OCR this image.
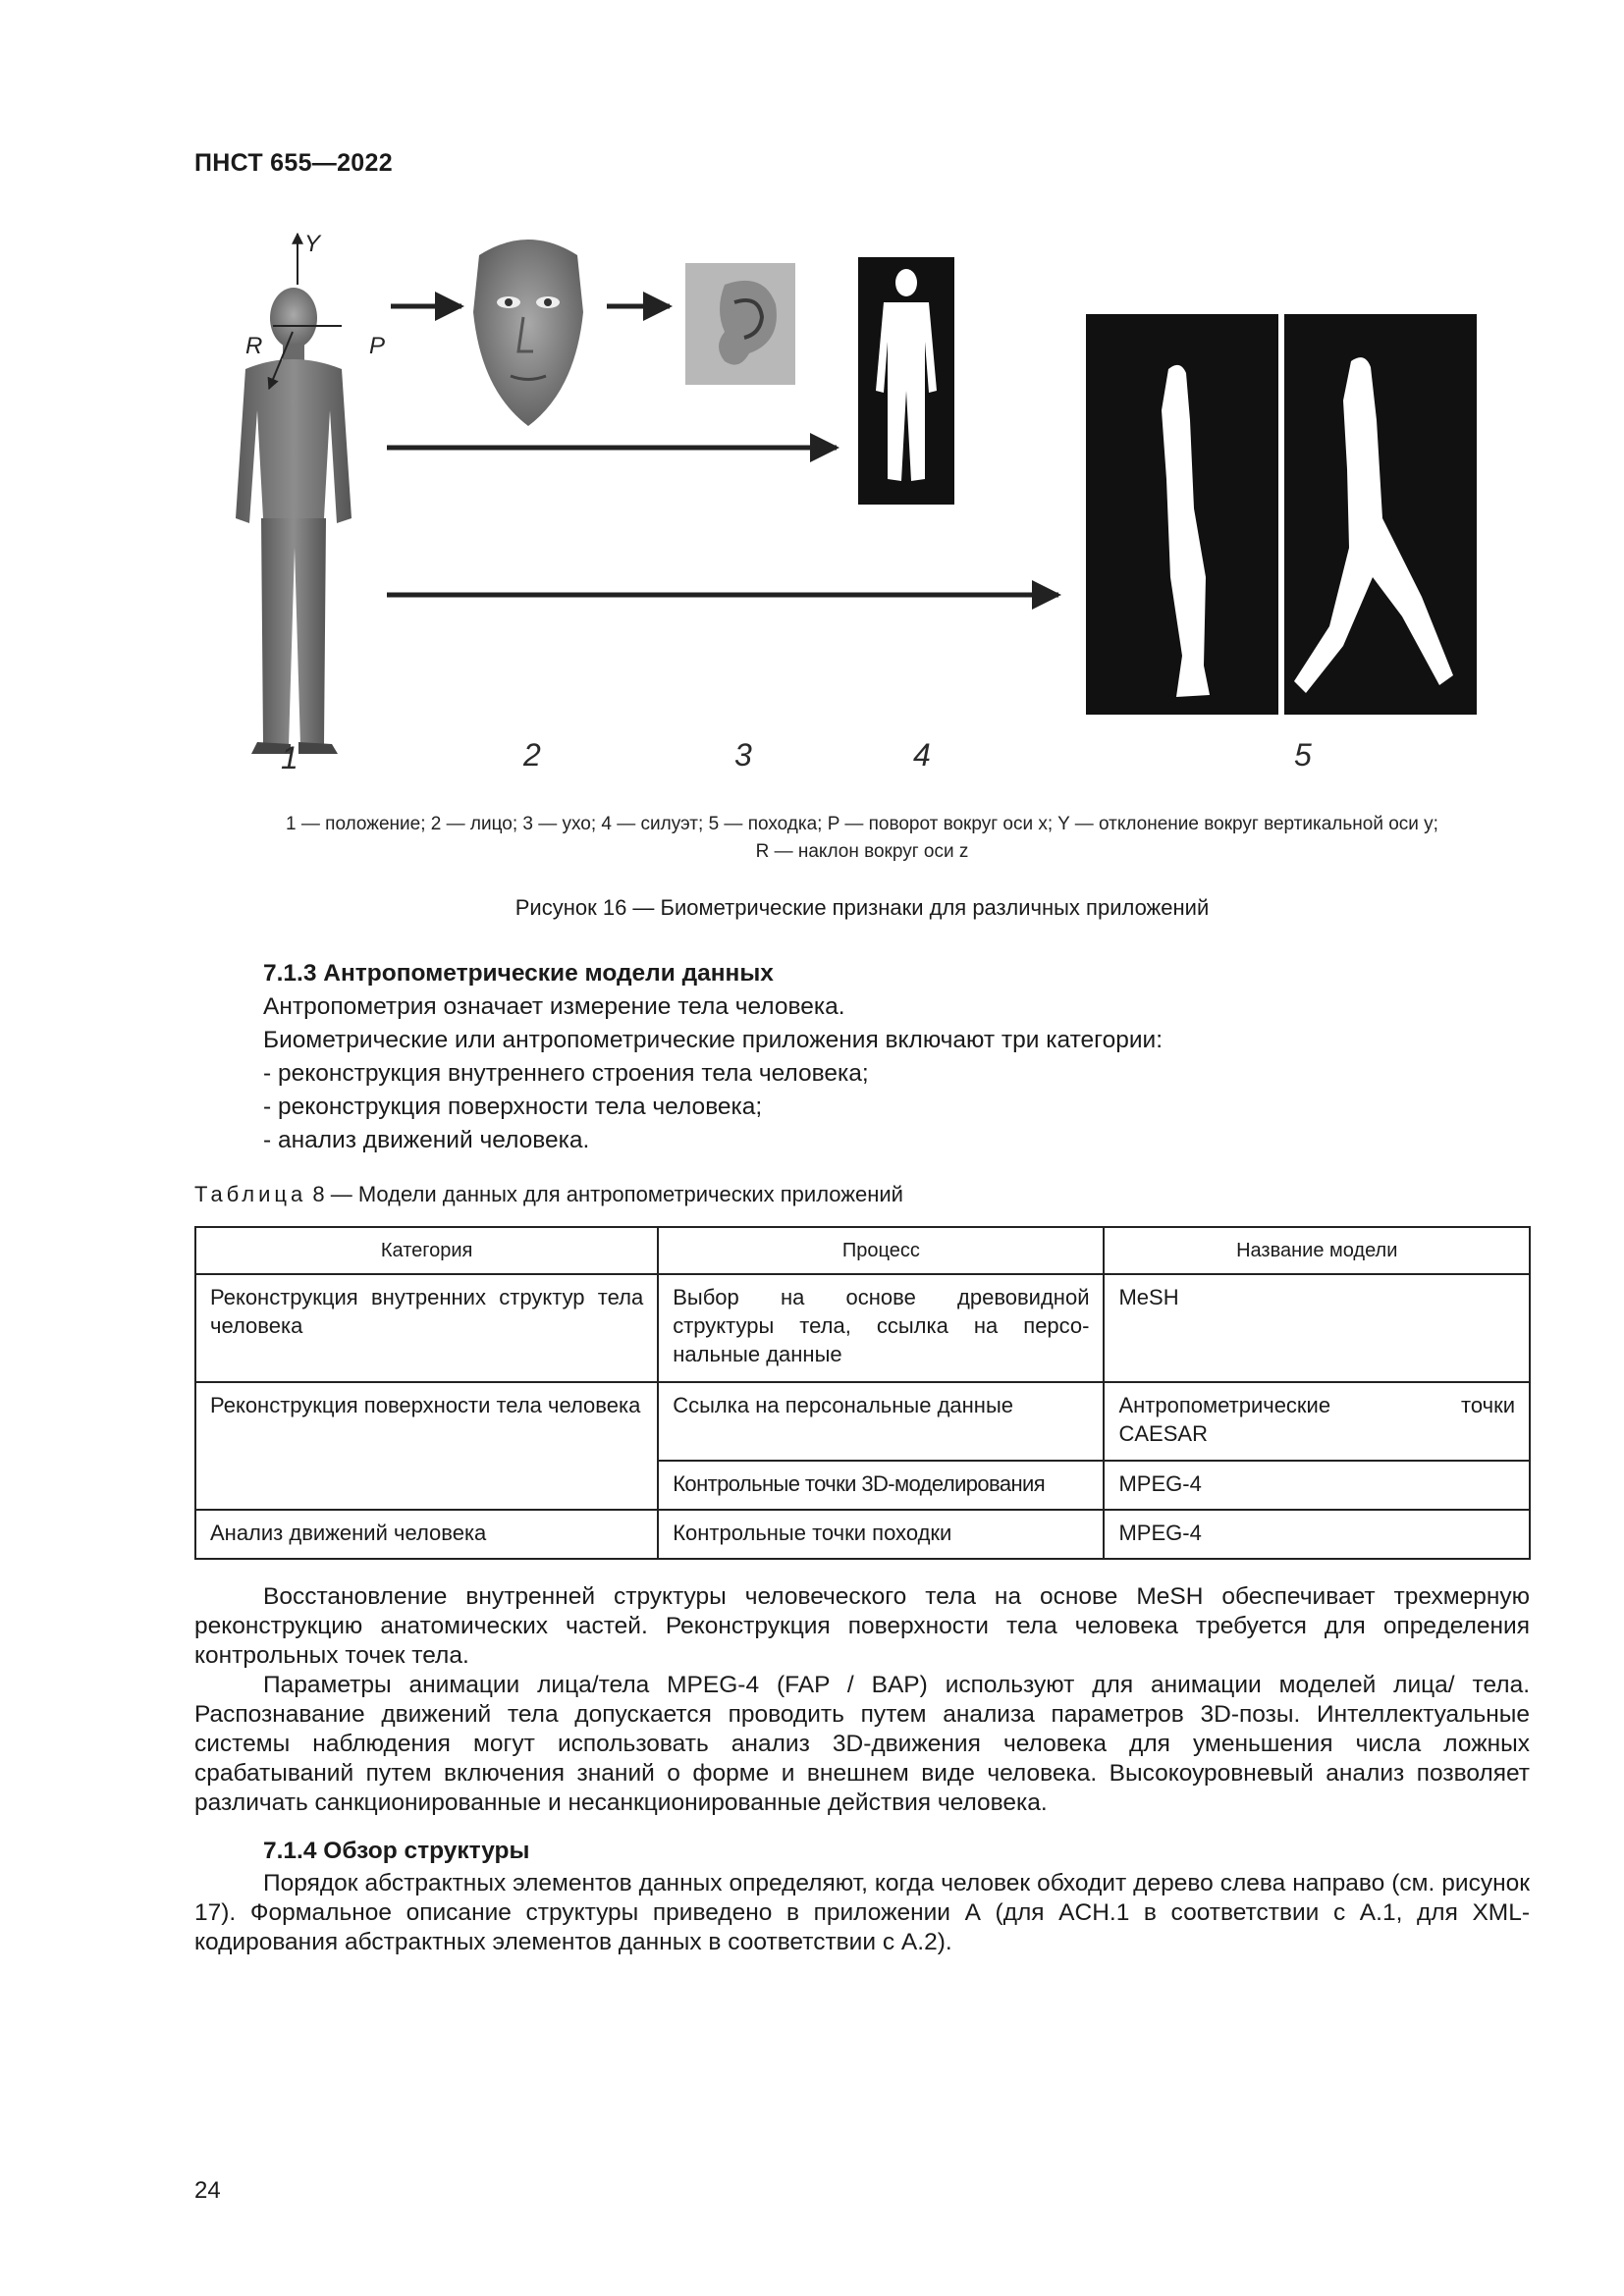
ПНСТ 655—2022
Y
R	P
1	2	3	4	5
1 — положение; 2 — лицо; 3 — ухо; 4 — силуэт; 5 — походка; P — поворот вокруг оси x; Y — отклонение вокруг вертикальной оси y;
R — наклон вокруг оси z
Рисунок 16 — Биометрические признаки для различных приложений
7.1.3 Антропометрические модели данных
Антропометрия означает измерение тела человека.
Биометрические или антропометрические приложения включают три категории:
- реконструкция внутреннего строения тела человека;
- реконструкция поверхности тела человека;
- анализ движений человека.
Таблица 8 — Модели данных для антропометрических приложений
Категория	Процесс	Название модели
Реконструкция внутренних структур тела человека	Выбор на основе древовидной структуры тела, ссылка на персональные данные	MeSH
Реконструкция поверхности тела человека	Ссылка на персональные данные	Антропометрические точки
CAESAR

	Контрольные точки 3D-моделирования	MPEG-4
Анализ движений человека	Контрольные точки походки	MPEG-4

Восстановление внутренней структуры человеческого тела на основе MeSH обеспечивает трехмерную реконструкцию анатомических частей. Реконструкция поверхности тела человека требуется для определения контрольных точек тела.

Параметры анимации лица/тела MPEG-4 (FAP / BAP) используют для анимации моделей лица/ тела. Распознавание движений тела допускается проводить путем анализа параметров 3D-позы. Интеллектуальные системы наблюдения могут использовать анализ 3D-движения человека для уменьшения числа ложных срабатываний путем включения знаний о форме и внешнем виде человека. Высокоуровневый анализ позволяет различать санкционированные и несанкционированные действия человека.

7.1.4 Обзор структуры

Порядок абстрактных элементов данных определяют, когда человек обходит дерево слева направо (см. рисунок 17). Формальное описание структуры приведено в приложении А (для ACH.1 в соответствии с А.1, для XML-кодирования абстрактных элементов данных в соответствии с А.2).

24
